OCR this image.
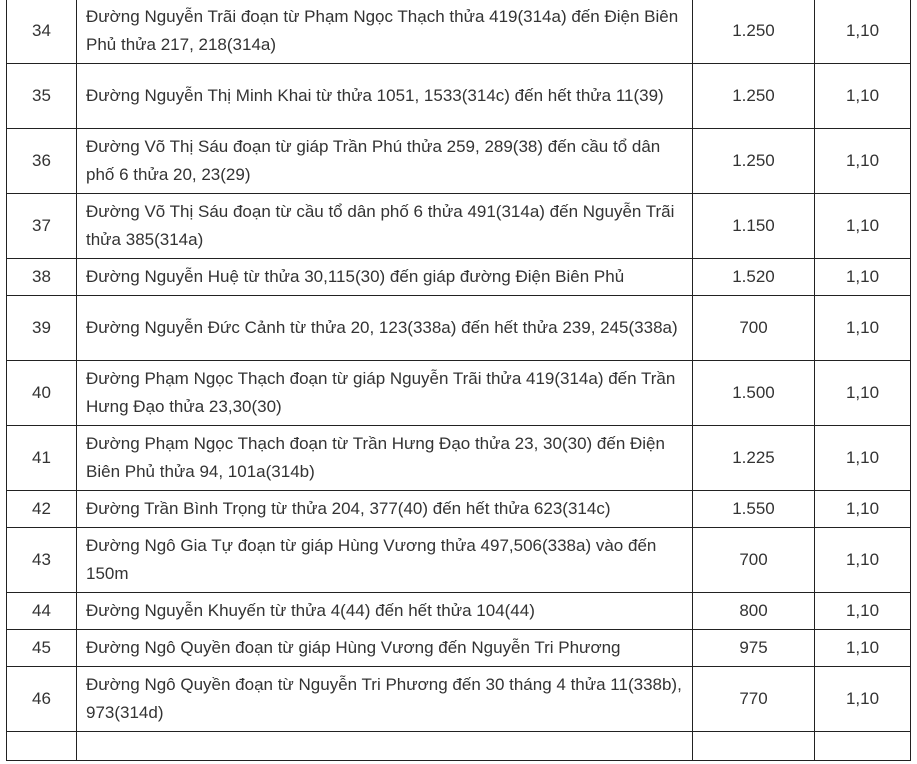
34	Đường Nguyễn Trãi đoạn từ Phạm Ngọc Thạch thửa 419(314a) đến Điện Biên Phủ thửa 217, 218(314a)	1.250	1,10
35	Đường Nguyễn Thị Minh Khai từ thửa 1051, 1533(314c) đến hết thửa 11(39)	1.250	1,10
36	Đường Võ Thị Sáu đoạn từ giáp Trần Phú thửa 259, 289(38) đến cầu tổ dân phố 6 thửa 20, 23(29)	1.250	1,10
37	Đường Võ Thị Sáu đoạn từ cầu tổ dân phố 6 thửa 491(314a) đến Nguyễn Trãi thửa 385(314a)	1.150	1,10
38	Đường Nguyễn Huệ từ thửa 30,115(30) đến giáp đường Điện Biên Phủ	1.520	1,10
39	Đường Nguyễn Đức Cảnh từ thửa 20, 123(338a) đến hết thửa 239, 245(338a)	700	1,10
40	Đường Phạm Ngọc Thạch đoạn từ giáp Nguyễn Trãi thửa 419(314a) đến Trần Hưng Đạo thửa 23,30(30)	1.500	1,10
41	Đường Phạm Ngọc Thạch đoạn từ Trần Hưng Đạo thửa 23, 30(30) đến Điện Biên Phủ thửa 94, 101a(314b)	1.225	1,10
42	Đường Trần Bình Trọng từ thửa 204, 377(40) đến hết thửa 623(314c)	1.550	1,10
43	Đường Ngô Gia Tự đoạn từ giáp Hùng Vương thửa 497,506(338a) vào đến 150m	700	1,10
44	Đường Nguyễn Khuyến từ thửa 4(44) đến hết thửa 104(44)	800	1,10
45	Đường Ngô Quyền đoạn từ giáp Hùng Vương đến Nguyễn Tri Phương	975	1,10
46	Đường Ngô Quyền đoạn từ Nguyễn Tri Phương đến 30 tháng 4 thửa 11(338b), 973(314d)	770	1,10
